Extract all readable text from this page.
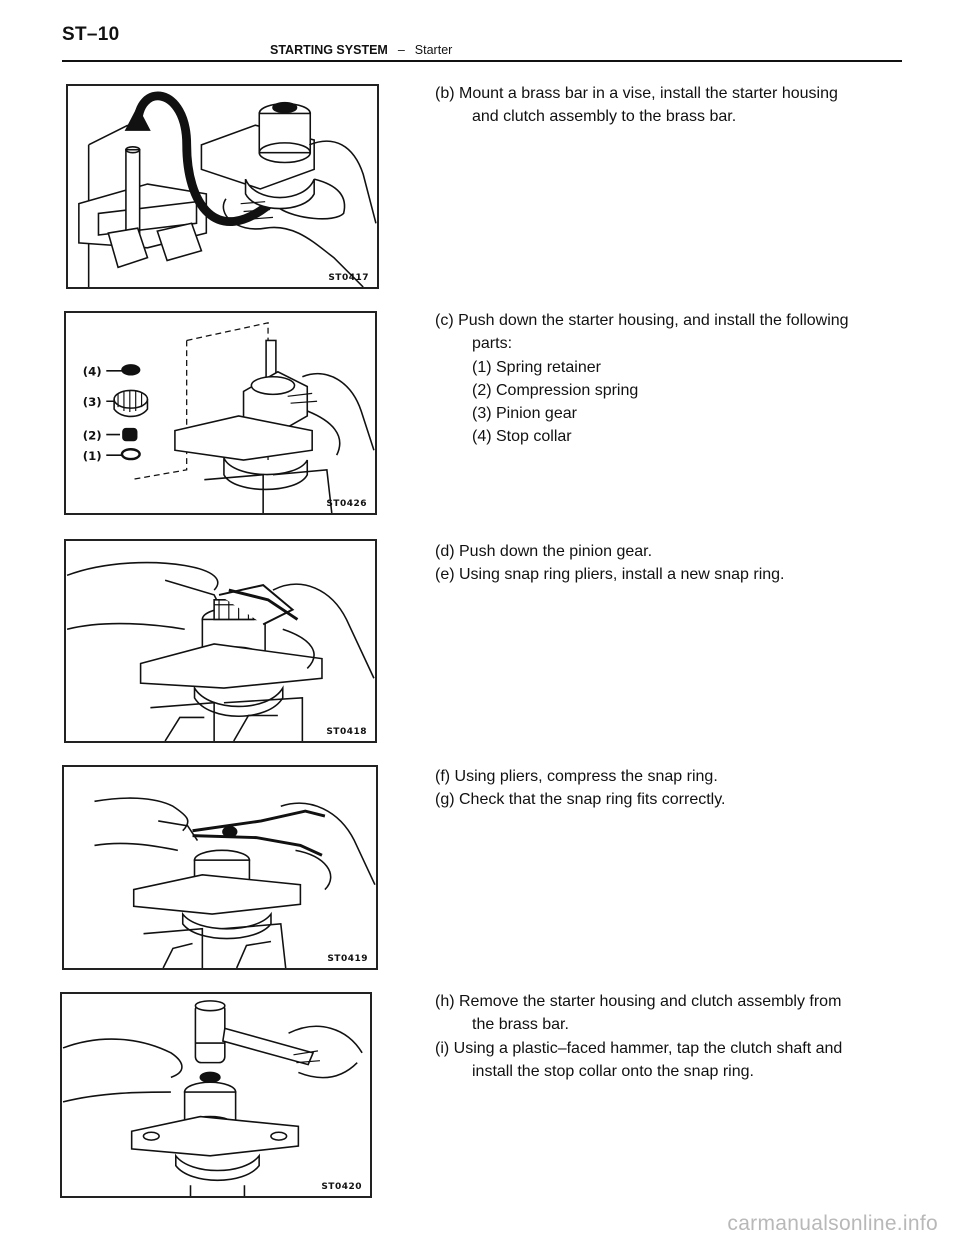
ST–10
STARTING SYSTEM – Starter
ST0417
(4)
(3)
(2)
(1)
ST0426
ST0418
ST0419
ST0420
(b) Mount a brass bar in a vise, install the starter housing
and clutch assembly to the brass bar.
(c) Push down the starter housing, and install the following
parts:
(1) Spring retainer
(2) Compression spring
(3) Pinion gear
(4) Stop collar
(d) Push down the pinion gear.
(e) Using snap ring pliers, install a new snap ring.
(f) Using pliers, compress the snap ring.
(g) Check that the snap ring fits correctly.
(h) Remove the starter housing and clutch assembly from
the brass bar.
(i) Using a plastic–faced hammer, tap the clutch shaft and
install the stop collar onto the snap ring.
carmanualsonline.info
